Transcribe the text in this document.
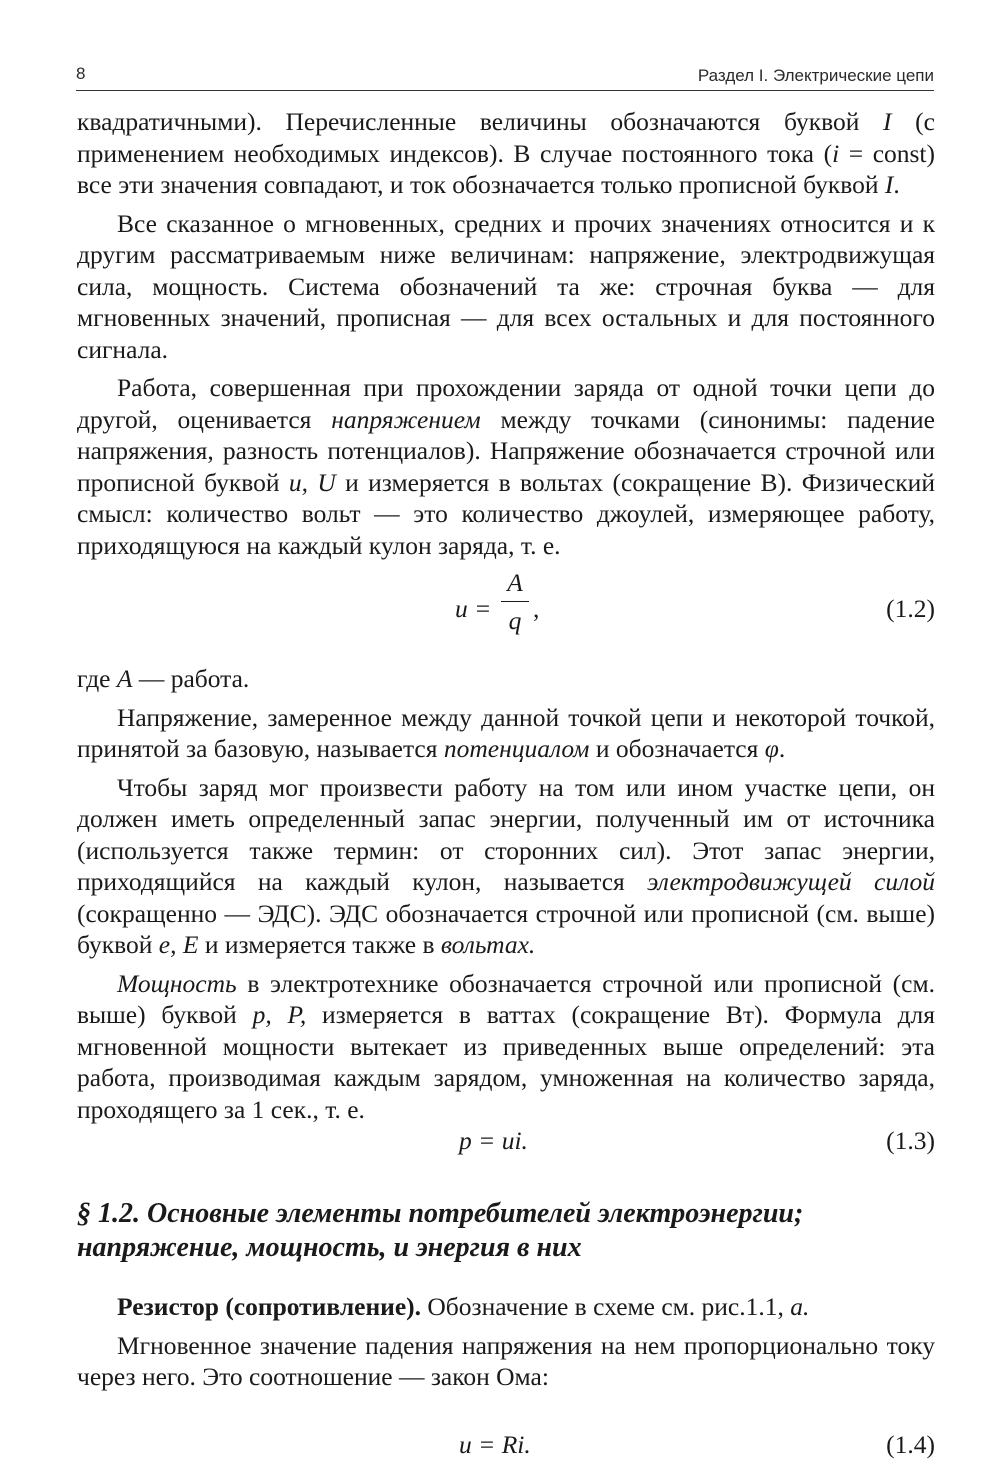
8	Раздел I. Электрические цепи

квадратичными). Перечисленные величины обозначаются буквой I (с применением необходимых индексов). В случае постоянного тока (i = const) все эти значения совпадают, и ток обозначается только прописной буквой I.

Все сказанное о мгновенных, средних и прочих значениях относится и к другим рассматриваемым ниже величинам: напряжение, электродвижущая сила, мощность. Система обозначений та же: строчная буква — для мгновенных значений, прописная — для всех остальных и для постоянного сигнала.

Работа, совершенная при прохождении заряда от одной точки цепи до другой, оценивается напряжением между точками (синонимы: падение напряжения, разность потенциалов). Напряжение обозначается строчной или прописной буквой u, U и измеряется в вольтах (сокращение В). Физический смысл: количество вольт — это количество джоулей, измеряющее работу, приходящуюся на каждый кулон заряда, т. е.

u =
A
q ,	(1.2)

где A — работа.

Напряжение, замеренное между данной точкой цепи и некоторой точкой, принятой за базовую, называется потенциалом и обозначается φ.

Чтобы заряд мог произвести работу на том или ином участке цепи, он должен иметь определенный запас энергии, полученный им от источника (используется также термин: от сторонних сил). Этот запас энергии, приходящийся на каждый кулон, называется электродвижущей силой (сокращенно — ЭДС). ЭДС обозначается строчной или прописной (см. выше) буквой e, E и измеряется также в вольтах.

Мощность в электротехнике обозначается строчной или прописной (см. выше) буквой p, P, измеряется в ваттах (сокращение Вт). Формула для мгновенной мощности вытекает из приведенных выше определений: эта работа, производимая каждым зарядом, умноженная на количество заряда, проходящего за 1 сек., т. е.

p = ui.	(1.3)

§ 1.2. Основные элементы потребителей электроэнергии; напряжение, мощность, и энергия в них

Резистор (сопротивление). Обозначение в схеме см. рис.1.1, а.

Мгновенное значение падения напряжения на нем пропорционально току через него. Это соотношение — закон Ома:

u = Ri.	(1.4)
